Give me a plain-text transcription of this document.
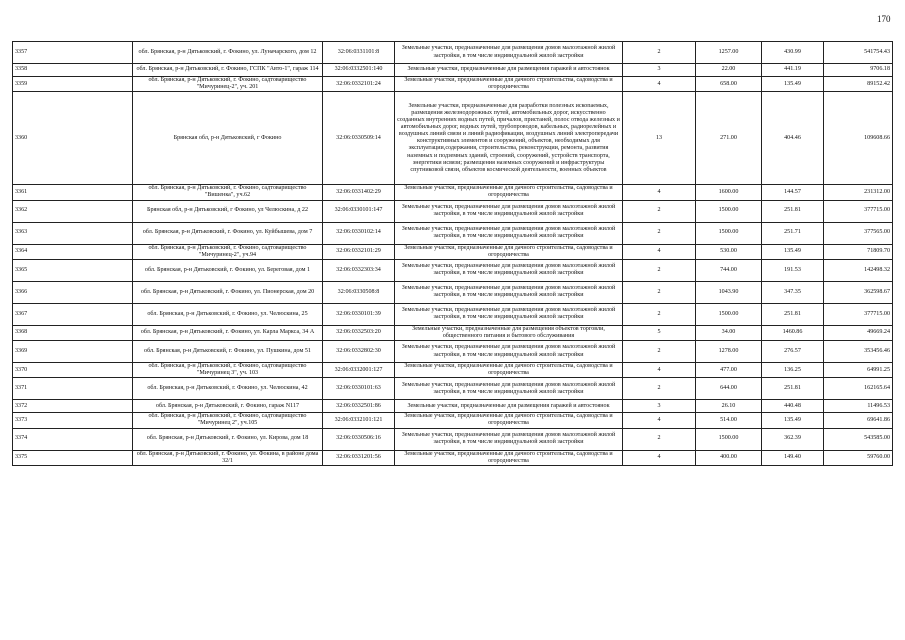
170
3357	обл. Брянская, р-н Дятьковский, г. Фокино, ул. Луначарского, дом 12	32:06:0331101:8	Земельные участки, предназначенные для размещения домов малоэтажной жилой застройки, в том числе индивидуальной жилой застройки	2	1257.00	430.99	541754.43
3358	обл. Брянская, р-н Дятьковский, г. Фокино, ГСПК "Авто-1", гараж 114	32:06:0332501:140	Земельные участки, предназначенные для размещения гаражей и автостоянок	3	22.00	441.19	9706.18
3359	обл. Брянская, р-н Дятьковский, г. Фокино, садтоварищество "Мичуринец-2", уч. 201	32:06:0332101:24	Земельные участки, предназначенные для дачного строительства, садоводства и огородничества	4	658.00	135.49	89152.42
3360	Брянская обл, р-н Дятьковский, г Фокино	32:06:0330509:14	Земельные участки, предназначенные для разработки полезных ископаемых, размещения железнодорожных путей, автомобильных дорог, искусственно созданных внутренних водных путей, причалов, пристаней, полос отвода железных и автомобильных дорог, водных путей, трубопроводов, кабельных, радиорелейных и воздушных линий связи и линий радиофикации, воздушных линий электропередачи конструктивных элементов и сооружений, объектов, необходимых для эксплуатации,содержания, строительства, реконструкции, ремонта, развития наземных и подземных зданий, строений, сооружений, устройств транспорта, энергетики исвязи; размещения наземных сооружений и инфраструктуры спутниковой связи, объектов космической деятельности, военных объектов	13	271.00	404.46	109608.66
3361	обл. Брянская, р-н Дятьковский, г. Фокино, садтоварищество "Вишенка", уч.62	32:06:0331402:29	Земельные участки, предназначенные для дачного строительства, садоводства и огородничества	4	1600.00	144.57	231312.00
3362	Брянская обл, р-н Дятьковский, г Фокино, ул Челюскина, д 22	32:06:0330101:147	Земельные участки, предназначенные для размещения домов малоэтажной жилой застройки, в том числе индивидуальной жилой застройки	2	1500.00	251.81	377715.00
3363	обл. Брянская, р-н Дятьковский, г. Фокино, ул. Куйбышева, дом 7	32:06:0330102:14	Земельные участки, предназначенные для размещения домов малоэтажной жилой застройки, в том числе индивидуальной жилой застройки	2	1500.00	251.71	377565.00
3364	обл. Брянская, р-н Дятьковский, г. Фокино, садтоварищество "Мичуринец-2", уч.94	32:06:0332101:29	Земельные участки, предназначенные для дачного строительства, садоводства и огородничества	4	530.00	135.49	71809.70
3365	обл. Брянская, р-н Дятьковский, г. Фокино, ул. Береговая, дом 1	32:06:0332303:34	Земельные участки, предназначенные для размещения домов малоэтажной жилой застройки, в том числе индивидуальной жилой застройки	2	744.00	191.53	142498.32
3366	обл. Брянская, р-н Дятьковский, г. Фокино, ул. Пионерская, дом 20	32:06:0330508:8	Земельные участки, предназначенные для размещения домов малоэтажной жилой застройки, в том числе индивидуальной жилой застройки	2	1043.90	347.35	362598.67
3367	обл. Брянская, р-н Дятьковский, г. Фокино, ул. Челюскина, 25	32:06:0330101:39	Земельные участки, предназначенные для размещения домов малоэтажной жилой застройки, в том числе индивидуальной жилой застройки	2	1500.00	251.81	377715.00
3368	обл. Брянская, р-н Дятьковский, г. Фокино, ул. Карла Маркса, 34 А	32:06:0332503:20	Земельные участки, предназначенные для размещения объектов торговли, общественного питания и бытового обслуживания	5	34.00	1460.86	49669.24
3369	обл. Брянская, р-н Дятьковский, г. Фокино, ул. Пушкина, дом 51	32:06:0332802:30	Земельные участки, предназначенные для размещения домов малоэтажной жилой застройки, в том числе индивидуальной жилой застройки	2	1278.00	276.57	353456.46
3370	обл. Брянская, р-н Дятьковский, г. Фокино, садтоварищество "Мичуринец 3", уч. 103	32:06:0332001:127	Земельные участки, предназначенные для дачного строительства, садоводства и огородничества	4	477.00	136.25	64991.25
3371	обл. Брянская, р-н Дятьковский, г. Фокино, ул. Челюскина, 42	32:06:0330101:63	Земельные участки, предназначенные для размещения домов малоэтажной жилой застройки, в том числе индивидуальной жилой застройки	2	644.00	251.81	162165.64
3372	обл. Брянская, р-н Дятьковский, г. Фокино, гараж N117	32:06:0332501:86	Земельные участки, предназначенные для размещения гаражей и автостоянок	3	26.10	440.48	11496.53
3373	обл. Брянская, р-н Дятьковский, г. Фокино, садтоварищество "Мичуринец 2", уч.105	32:06:0332101:121	Земельные участки, предназначенные для дачного строительства, садоводства и огородничества	4	514.00	135.49	69641.86
3374	обл. Брянская, р-н Дятьковский, г. Фокино, ул. Кирова, дом 18	32:06:0330506:16	Земельные участки, предназначенные для размещения домов малоэтажной жилой застройки, в том числе индивидуальной жилой застройки	2	1500.00	362.39	543585.00
3375	обл. Брянская, р-н Дятьковский, г. Фокино, ул. Фокина, в районе дома 32/1	32:06:0331201:56	Земельные участки, предназначенные для дачного строительства, садоводства и огородничества	4	400.00	149.40	59760.00
